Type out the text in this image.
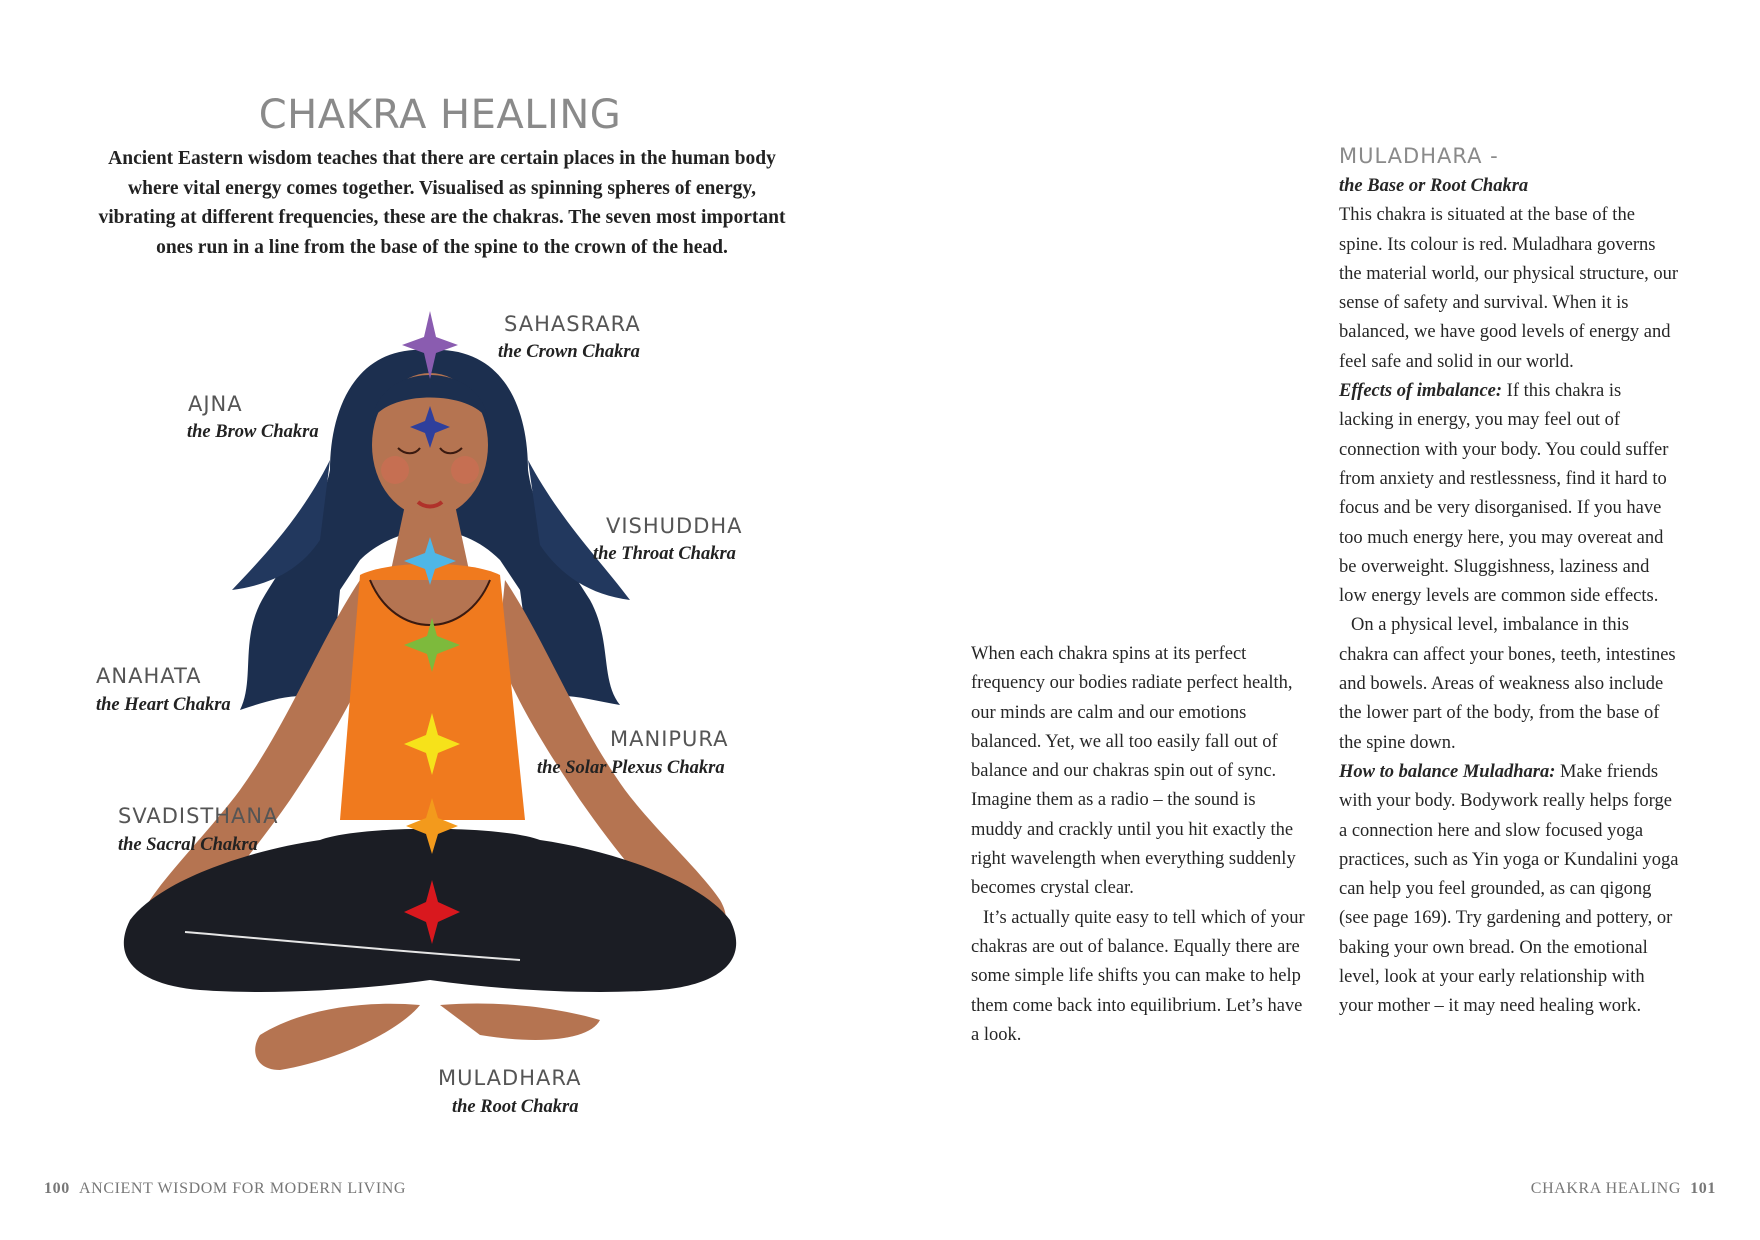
CHAKRA HEALING

Ancient Eastern wisdom teaches that there are certain places in the human body where vital energy comes together. Visualised as spinning spheres of energy, vibrating at different frequencies, these are the chakras. The seven most important ones run in a line from the base of the spine to the crown of the head.

SAHASRARA
the Crown Chakra
AJNA
the Brow Chakra
VISHUDDHA
the Throat Chakra
ANAHATA
the Heart Chakra
MANIPURA
the Solar Plexus Chakra
SVADISTHANA
the Sacral Chakra
MULADHARA
the Root Chakra

When each chakra spins at its perfect frequency our bodies radiate perfect health, our minds are calm and our emotions balanced. Yet, we all too easily fall out of balance and our chakras spin out of sync. Imagine them as a radio – the sound is muddy and crackly until you hit exactly the right wavelength when everything suddenly becomes crystal clear.

It’s actually quite easy to tell which of your chakras are out of balance. Equally there are some simple life shifts you can make to help them come back into equilibrium. Let’s have a look.

MULADHARA -

the Base or Root Chakra

This chakra is situated at the base of the spine. Its colour is red. Muladhara governs the material world, our physical structure, our sense of safety and survival. When it is balanced, we have good levels of energy and feel safe and solid in our world.

Effects of imbalance: If this chakra is lacking in energy, you may feel out of connection with your body. You could suffer from anxiety and restlessness, find it hard to focus and be very disorganised. If you have too much energy here, you may overeat and be overweight. Sluggishness, laziness and low energy levels are common side effects.

On a physical level, imbalance in this chakra can affect your bones, teeth, intestines and bowels. Areas of weakness also include the lower part of the body, from the base of the spine down.

How to balance Muladhara: Make friends with your body. Bodywork really helps forge a connection here and slow focused yoga practices, such as Yin yoga or Kundalini yoga can help you feel grounded, as can qigong (see page 169). Try gardening and pottery, or baking your own bread. On the emotional level, look at your early relationship with your mother – it may need healing work.

100 ANCIENT WISDOM FOR MODERN LIVING	CHAKRA HEALING 101
